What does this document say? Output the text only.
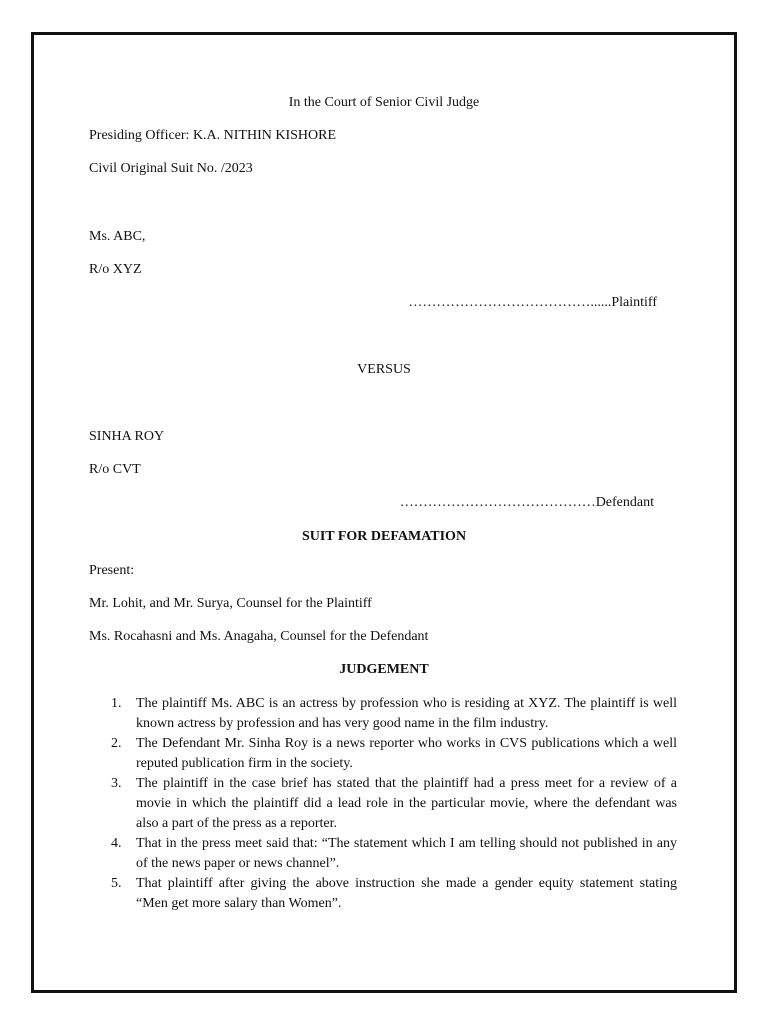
In the Court of Senior Civil Judge
Presiding Officer: K.A. NITHIN KISHORE
Civil Original Suit No. /2023
Ms. ABC,
R/o XYZ
…………………………………......Plaintiff
VERSUS
SINHA ROY
R/o CVT
……………………………………Defendant
SUIT FOR DEFAMATION
Present:
Mr. Lohit, and Mr. Surya, Counsel for the Plaintiff
Ms. Rocahasni and Ms. Anagaha, Counsel for the Defendant
JUDGEMENT
1. The plaintiff Ms. ABC is an actress by profession who is residing at XYZ. The plaintiff is well known actress by profession and has very good name in the film industry.
2. The Defendant Mr. Sinha Roy is a news reporter who works in CVS publications which a well reputed publication firm in the society.
3. The plaintiff in the case brief has stated that the plaintiff had a press meet for a review of a movie in which the plaintiff did a lead role in the particular movie, where the defendant was also a part of the press as a reporter.
4. That in the press meet said that: “The statement which I am telling should not published in any of the news paper or news channel”.
5. That plaintiff after giving the above instruction she made a gender equity statement stating “Men get more salary than Women”.
